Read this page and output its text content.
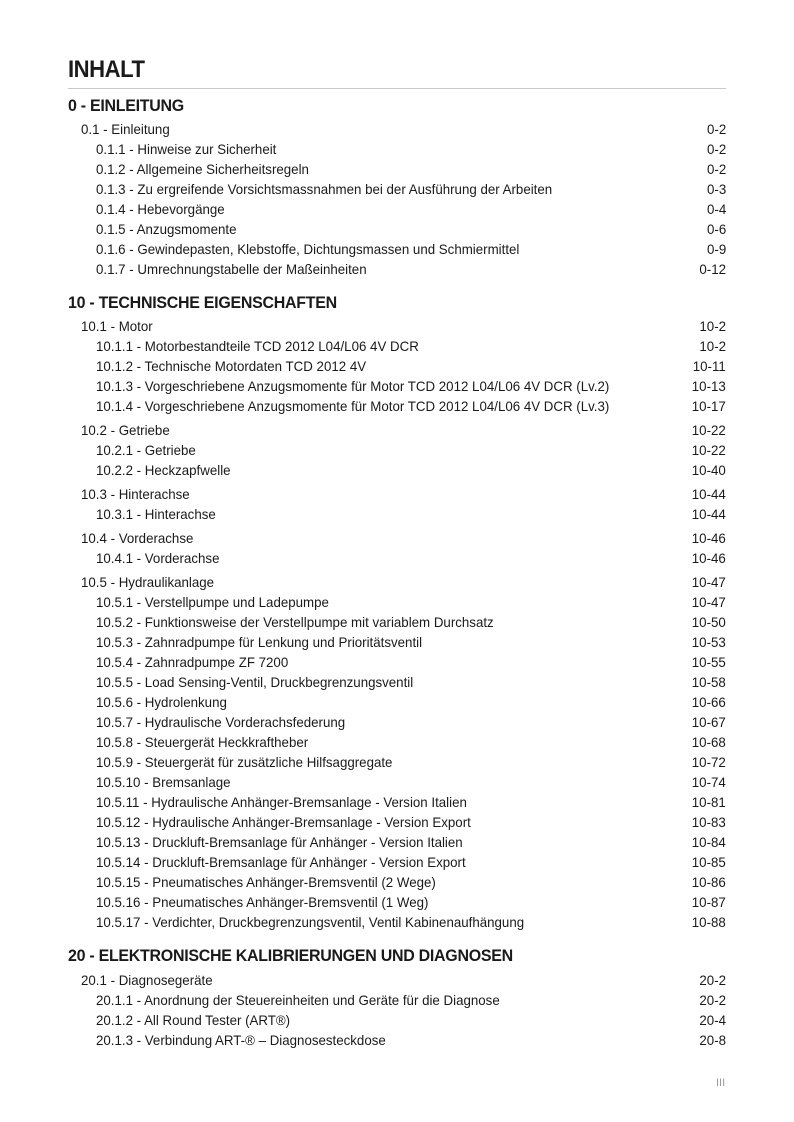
INHALT
0 - EINLEITUNG
0.1 - Einleitung	0-2
0.1.1 - Hinweise zur Sicherheit	0-2
0.1.2 - Allgemeine Sicherheitsregeln	0-2
0.1.3 - Zu ergreifende Vorsichtsmassnahmen bei der Ausführung der Arbeiten	0-3
0.1.4 - Hebevorgänge	0-4
0.1.5 - Anzugsmomente	0-6
0.1.6 - Gewindepasten, Klebstoffe, Dichtungsmassen und Schmiermittel	0-9
0.1.7 - Umrechnungstabelle der Maßeinheiten	0-12
10 - TECHNISCHE EIGENSCHAFTEN
10.1 - Motor	10-2
10.1.1 - Motorbestandteile TCD 2012 L04/L06 4V DCR	10-2
10.1.2 - Technische Motordaten TCD 2012 4V	10-11
10.1.3 - Vorgeschriebene Anzugsmomente für Motor TCD 2012 L04/L06 4V DCR (Lv.2)	10-13
10.1.4 - Vorgeschriebene Anzugsmomente für Motor TCD 2012 L04/L06 4V DCR (Lv.3)	10-17
10.2 - Getriebe	10-22
10.2.1 - Getriebe	10-22
10.2.2 - Heckzapfwelle	10-40
10.3 - Hinterachse	10-44
10.3.1 - Hinterachse	10-44
10.4 - Vorderachse	10-46
10.4.1 - Vorderachse	10-46
10.5 - Hydraulikanlage	10-47
10.5.1 - Verstellpumpe und Ladepumpe	10-47
10.5.2 - Funktionsweise der Verstellpumpe mit variablem Durchsatz	10-50
10.5.3 - Zahnradpumpe für Lenkung und Prioritätsventil	10-53
10.5.4 - Zahnradpumpe ZF 7200	10-55
10.5.5 - Load Sensing-Ventil, Druckbegrenzungsventil	10-58
10.5.6 - Hydrolenkung	10-66
10.5.7 - Hydraulische Vorderachsfederung	10-67
10.5.8 - Steuergerät Heckkraftheber	10-68
10.5.9 - Steuergerät für zusätzliche Hilfsaggregate	10-72
10.5.10 - Bremsanlage	10-74
10.5.11 - Hydraulische Anhänger-Bremsanlage - Version Italien	10-81
10.5.12 - Hydraulische Anhänger-Bremsanlage - Version Export	10-83
10.5.13 - Druckluft-Bremsanlage für Anhänger - Version Italien	10-84
10.5.14 - Druckluft-Bremsanlage für Anhänger - Version Export	10-85
10.5.15 - Pneumatisches Anhänger-Bremsventil (2 Wege)	10-86
10.5.16 - Pneumatisches Anhänger-Bremsventil (1 Weg)	10-87
10.5.17 - Verdichter, Druckbegrenzungsventil, Ventil Kabinenaufhängung	10-88
20 - ELEKTRONISCHE KALIBRIERUNGEN UND DIAGNOSEN
20.1 - Diagnosegeräte	20-2
20.1.1 - Anordnung der Steuereinheiten und Geräte für die Diagnose	20-2
20.1.2 - All Round Tester (ART®)	20-4
20.1.3 - Verbindung ART-® – Diagnosesteckdose	20-8
III
